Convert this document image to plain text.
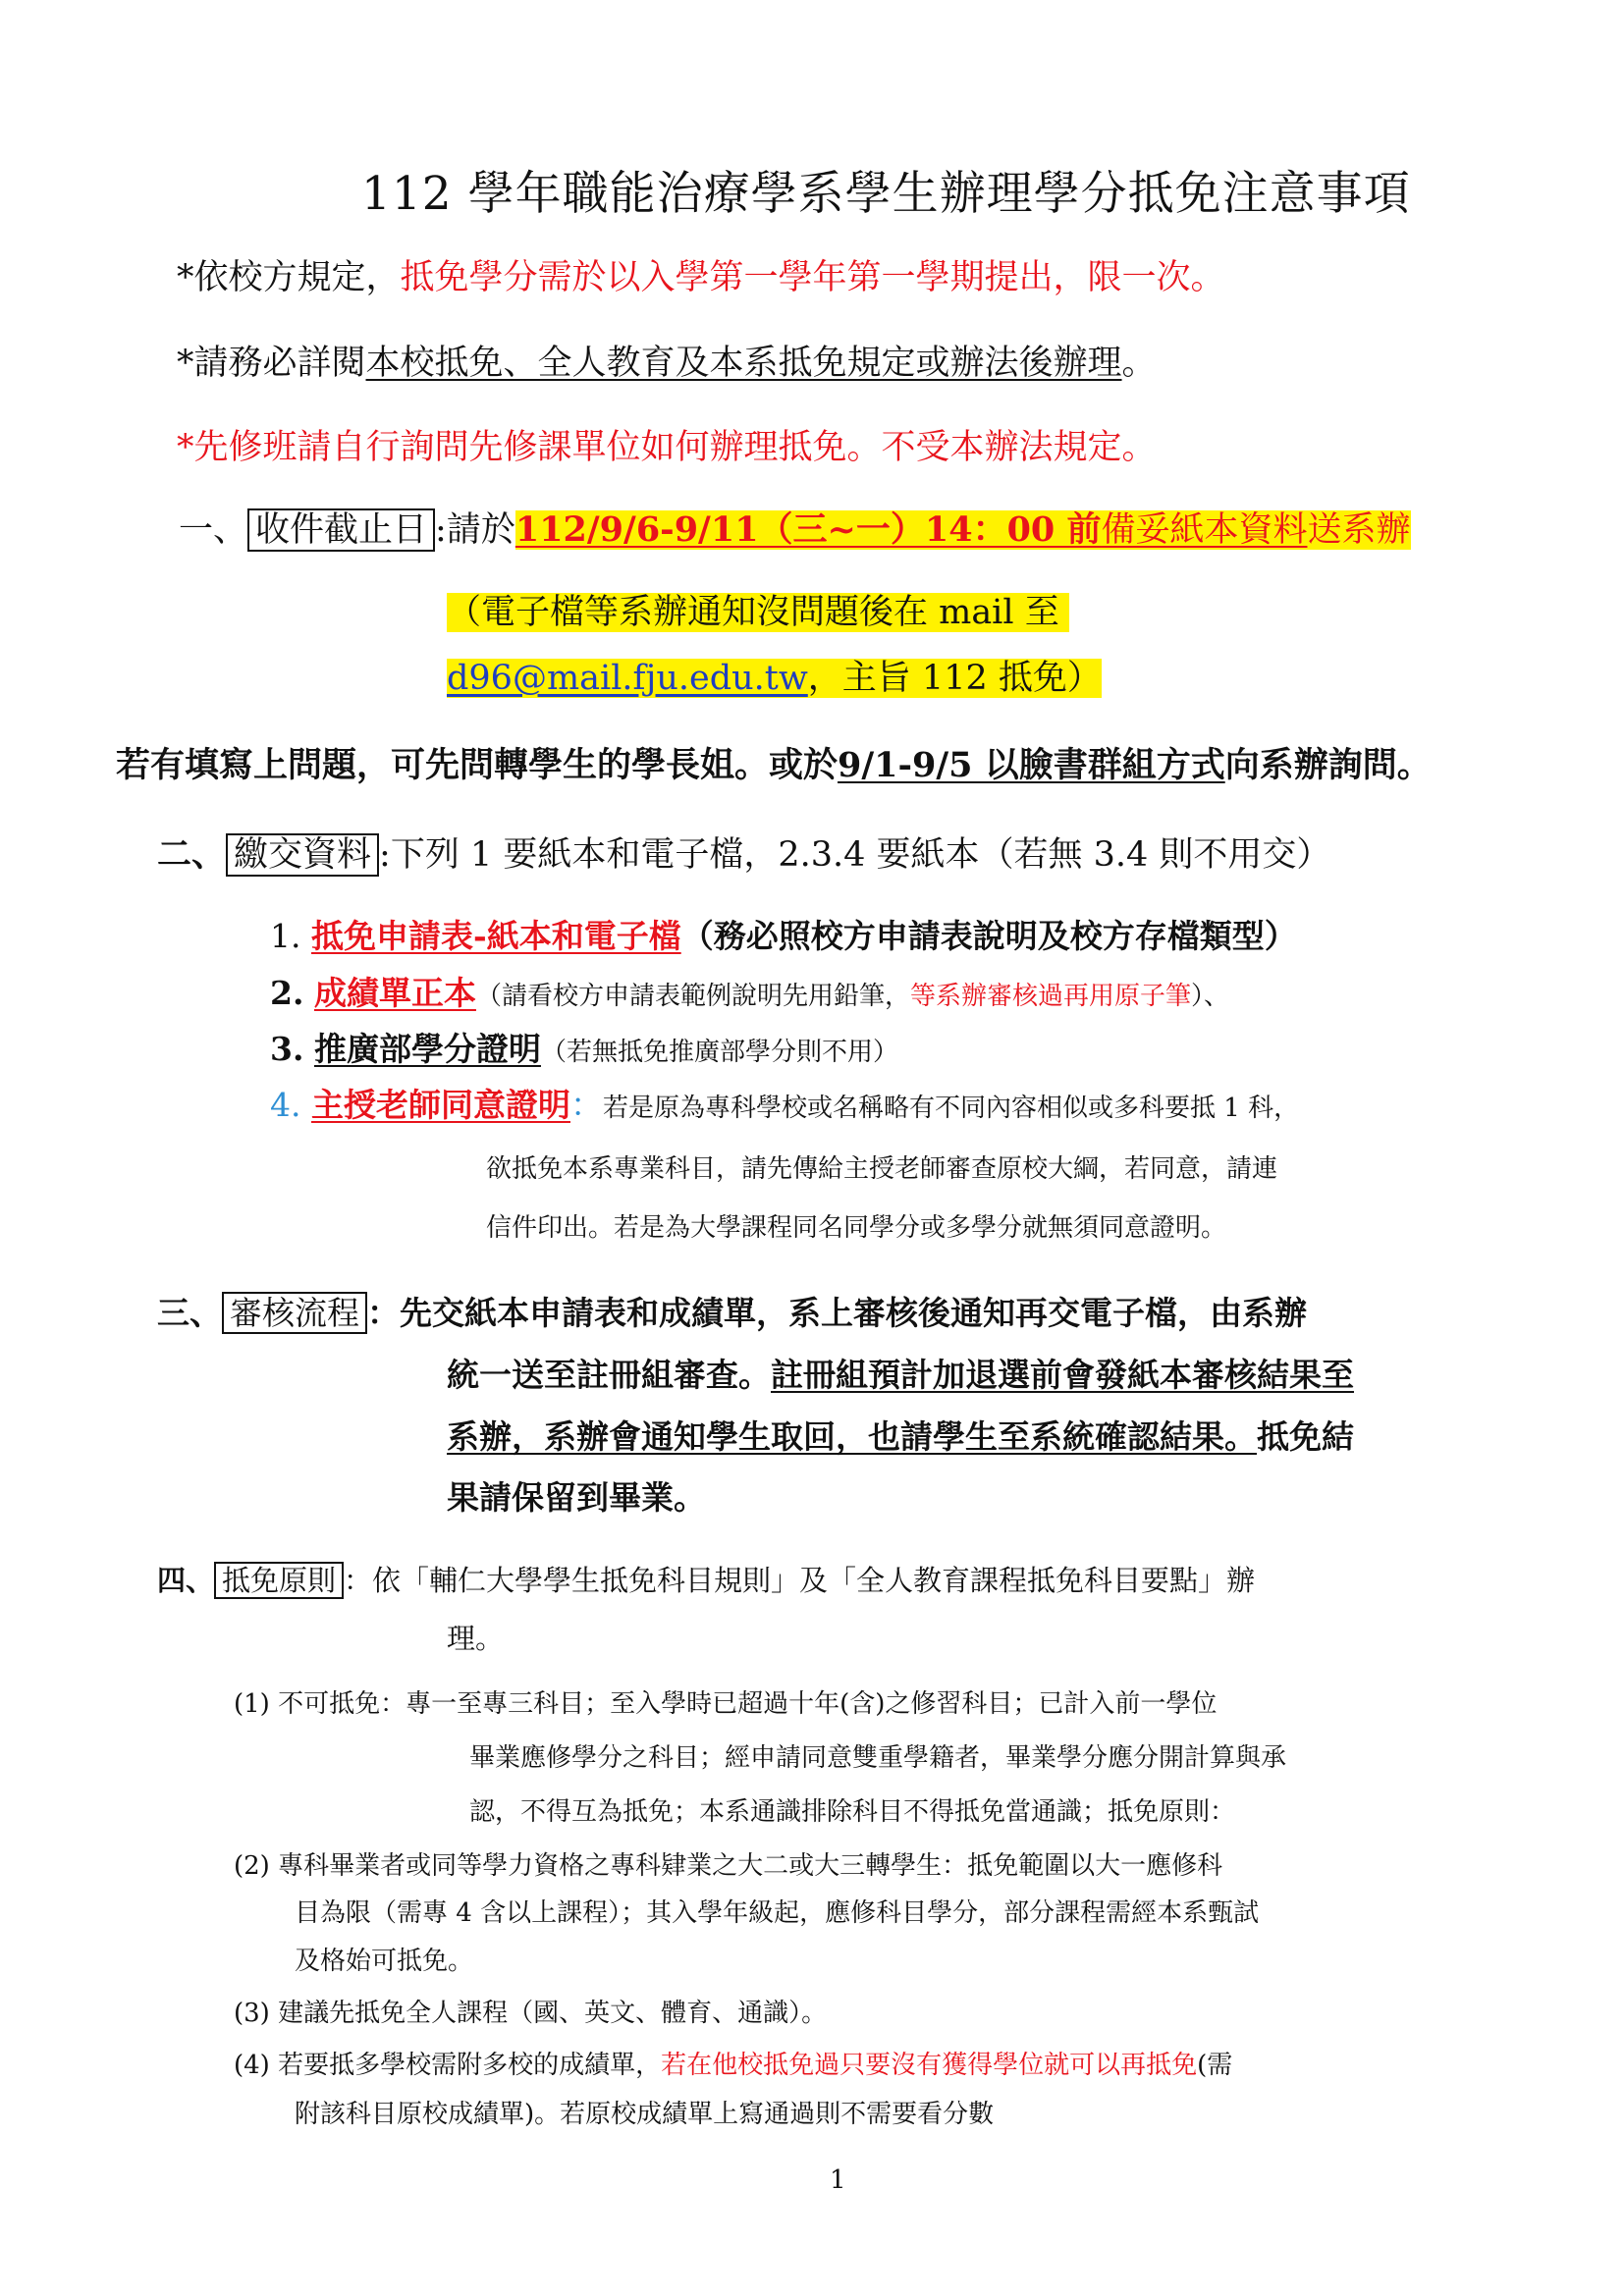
112 學年職能治療學系學生辦理學分抵免注意事項
*依校方規定，抵免學分需於以入學第一學年第一學期提出，限一次。
*請務必詳閱本校抵免、全人教育及本系抵免規定或辦法後辦理。
*先修班請自行詢問先修課單位如何辦理抵免。不受本辦法規定。
一、 收件截止日 :請於112/9/6-9/11（三~一）14：00 前備妥紙本資料送系辦
（電子檔等系辦通知沒問題後在 mail 至
d96@mail.fju.edu.tw，主旨 112 抵免）
若有填寫上問題，可先問轉學生的學長姐。或於9/1-9/5 以臉書群組方式向系辦詢問。
二、 繳交資料 :下列 1 要紙本和電子檔，2.3.4 要紙本（若無 3.4 則不用交）
1. 抵免申請表-紙本和電子檔（務必照校方申請表說明及校方存檔類型）
2. 成績單正本（請看校方申請表範例說明先用鉛筆，等系辦審核過再用原子筆）、
3. 推廣部學分證明（若無抵免推廣部學分則不用）
4. 主授老師同意證明：若是原為專科學校或名稱略有不同內容相似或多科要抵 1 科，
欲抵免本系專業科目，請先傳給主授老師審查原校大綱，若同意，請連
信件印出。若是為大學課程同名同學分或多學分就無須同意證明。
三、 審核流程 ：先交紙本申請表和成績單，系上審核後通知再交電子檔，由系辦
統一送至註冊組審查。註冊組預計加退選前會發紙本審核結果至
系辦，系辦會通知學生取回，也請學生至系統確認結果。抵免結
果請保留到畢業。
四、 抵免原則 ：依「輔仁大學學生抵免科目規則」及「全人教育課程抵免科目要點」辦
理。
(1) 不可抵免：專一至專三科目；至入學時已超過十年(含)之修習科目；已計入前一學位
畢業應修學分之科目；經申請同意雙重學籍者，畢業學分應分開計算與承
認，不得互為抵免；本系通識排除科目不得抵免當通識；抵免原則：
(2) 專科畢業者或同等學力資格之專科肄業之大二或大三轉學生：抵免範圍以大一應修科
目為限（需專 4 含以上課程）；其入學年級起，應修科目學分，部分課程需經本系甄試
及格始可抵免。
(3) 建議先抵免全人課程（國、英文、體育、通識）。
(4) 若要抵多學校需附多校的成績單，若在他校抵免過只要沒有獲得學位就可以再抵免(需
附該科目原校成績單)。若原校成績單上寫通過則不需要看分數
1
